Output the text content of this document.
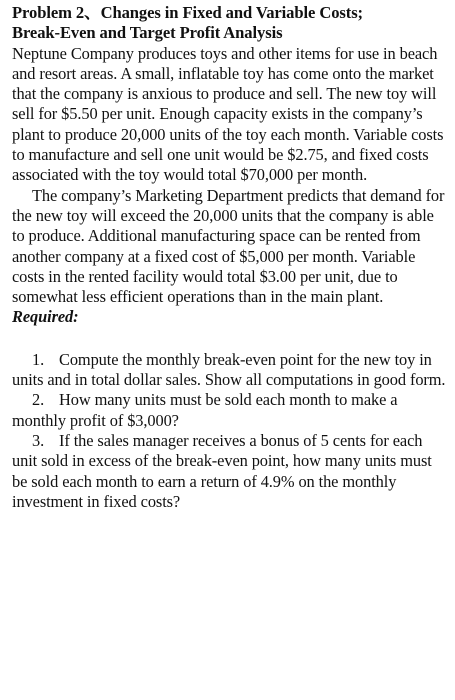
Problem 2、Changes in Fixed and Variable Costs;
Break-Even and Target Profit Analysis

Neptune Company produces toys and other items for use in beach and resort areas. A small, inflatable toy has come onto the market that the company is anxious to produce and sell. The new toy will sell for $5.50 per unit. Enough capacity exists in the company’s plant to produce 20,000 units of the toy each month. Variable costs to manufacture and sell one unit would be $2.75, and fixed costs associated with the toy would total $70,000 per month.

The company’s Marketing Department predicts that demand for the new toy will exceed the 20,000 units that the company is able to produce. Additional manufacturing space can be rented from another company at a fixed cost of $5,000 per month. Variable costs in the rented facility would total $3.00 per unit, due to somewhat less efficient operations than in the main plant.

Required:

1. Compute the monthly break-even point for the new toy in units and in total dollar sales. Show all computations in good form.

2. How many units must be sold each month to make a monthly profit of $3,000?

3. If the sales manager receives a bonus of 5 cents for each unit sold in excess of the break-even point, how many units must be sold each month to earn a return of 4.9% on the monthly investment in fixed costs?
